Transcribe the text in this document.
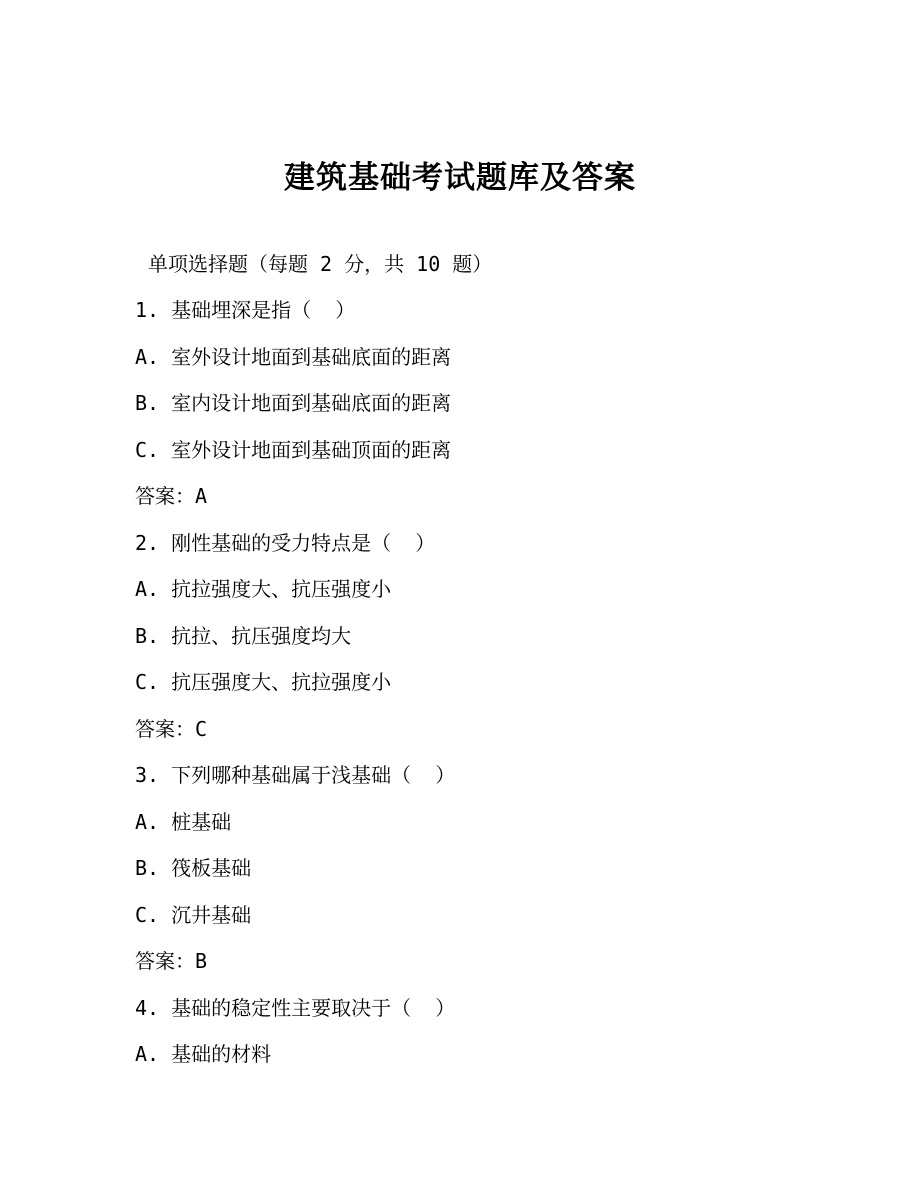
建筑基础考试题库及答案
单项选择题（每题 2 分，共 10 题）
1. 基础埋深是指（  ）
A. 室外设计地面到基础底面的距离
B. 室内设计地面到基础底面的距离
C. 室外设计地面到基础顶面的距离
答案：A
2. 刚性基础的受力特点是（  ）
A. 抗拉强度大、抗压强度小
B. 抗拉、抗压强度均大
C. 抗压强度大、抗拉强度小
答案：C
3. 下列哪种基础属于浅基础（  ）
A. 桩基础
B. 筏板基础
C. 沉井基础
答案：B
4. 基础的稳定性主要取决于（  ）
A. 基础的材料
